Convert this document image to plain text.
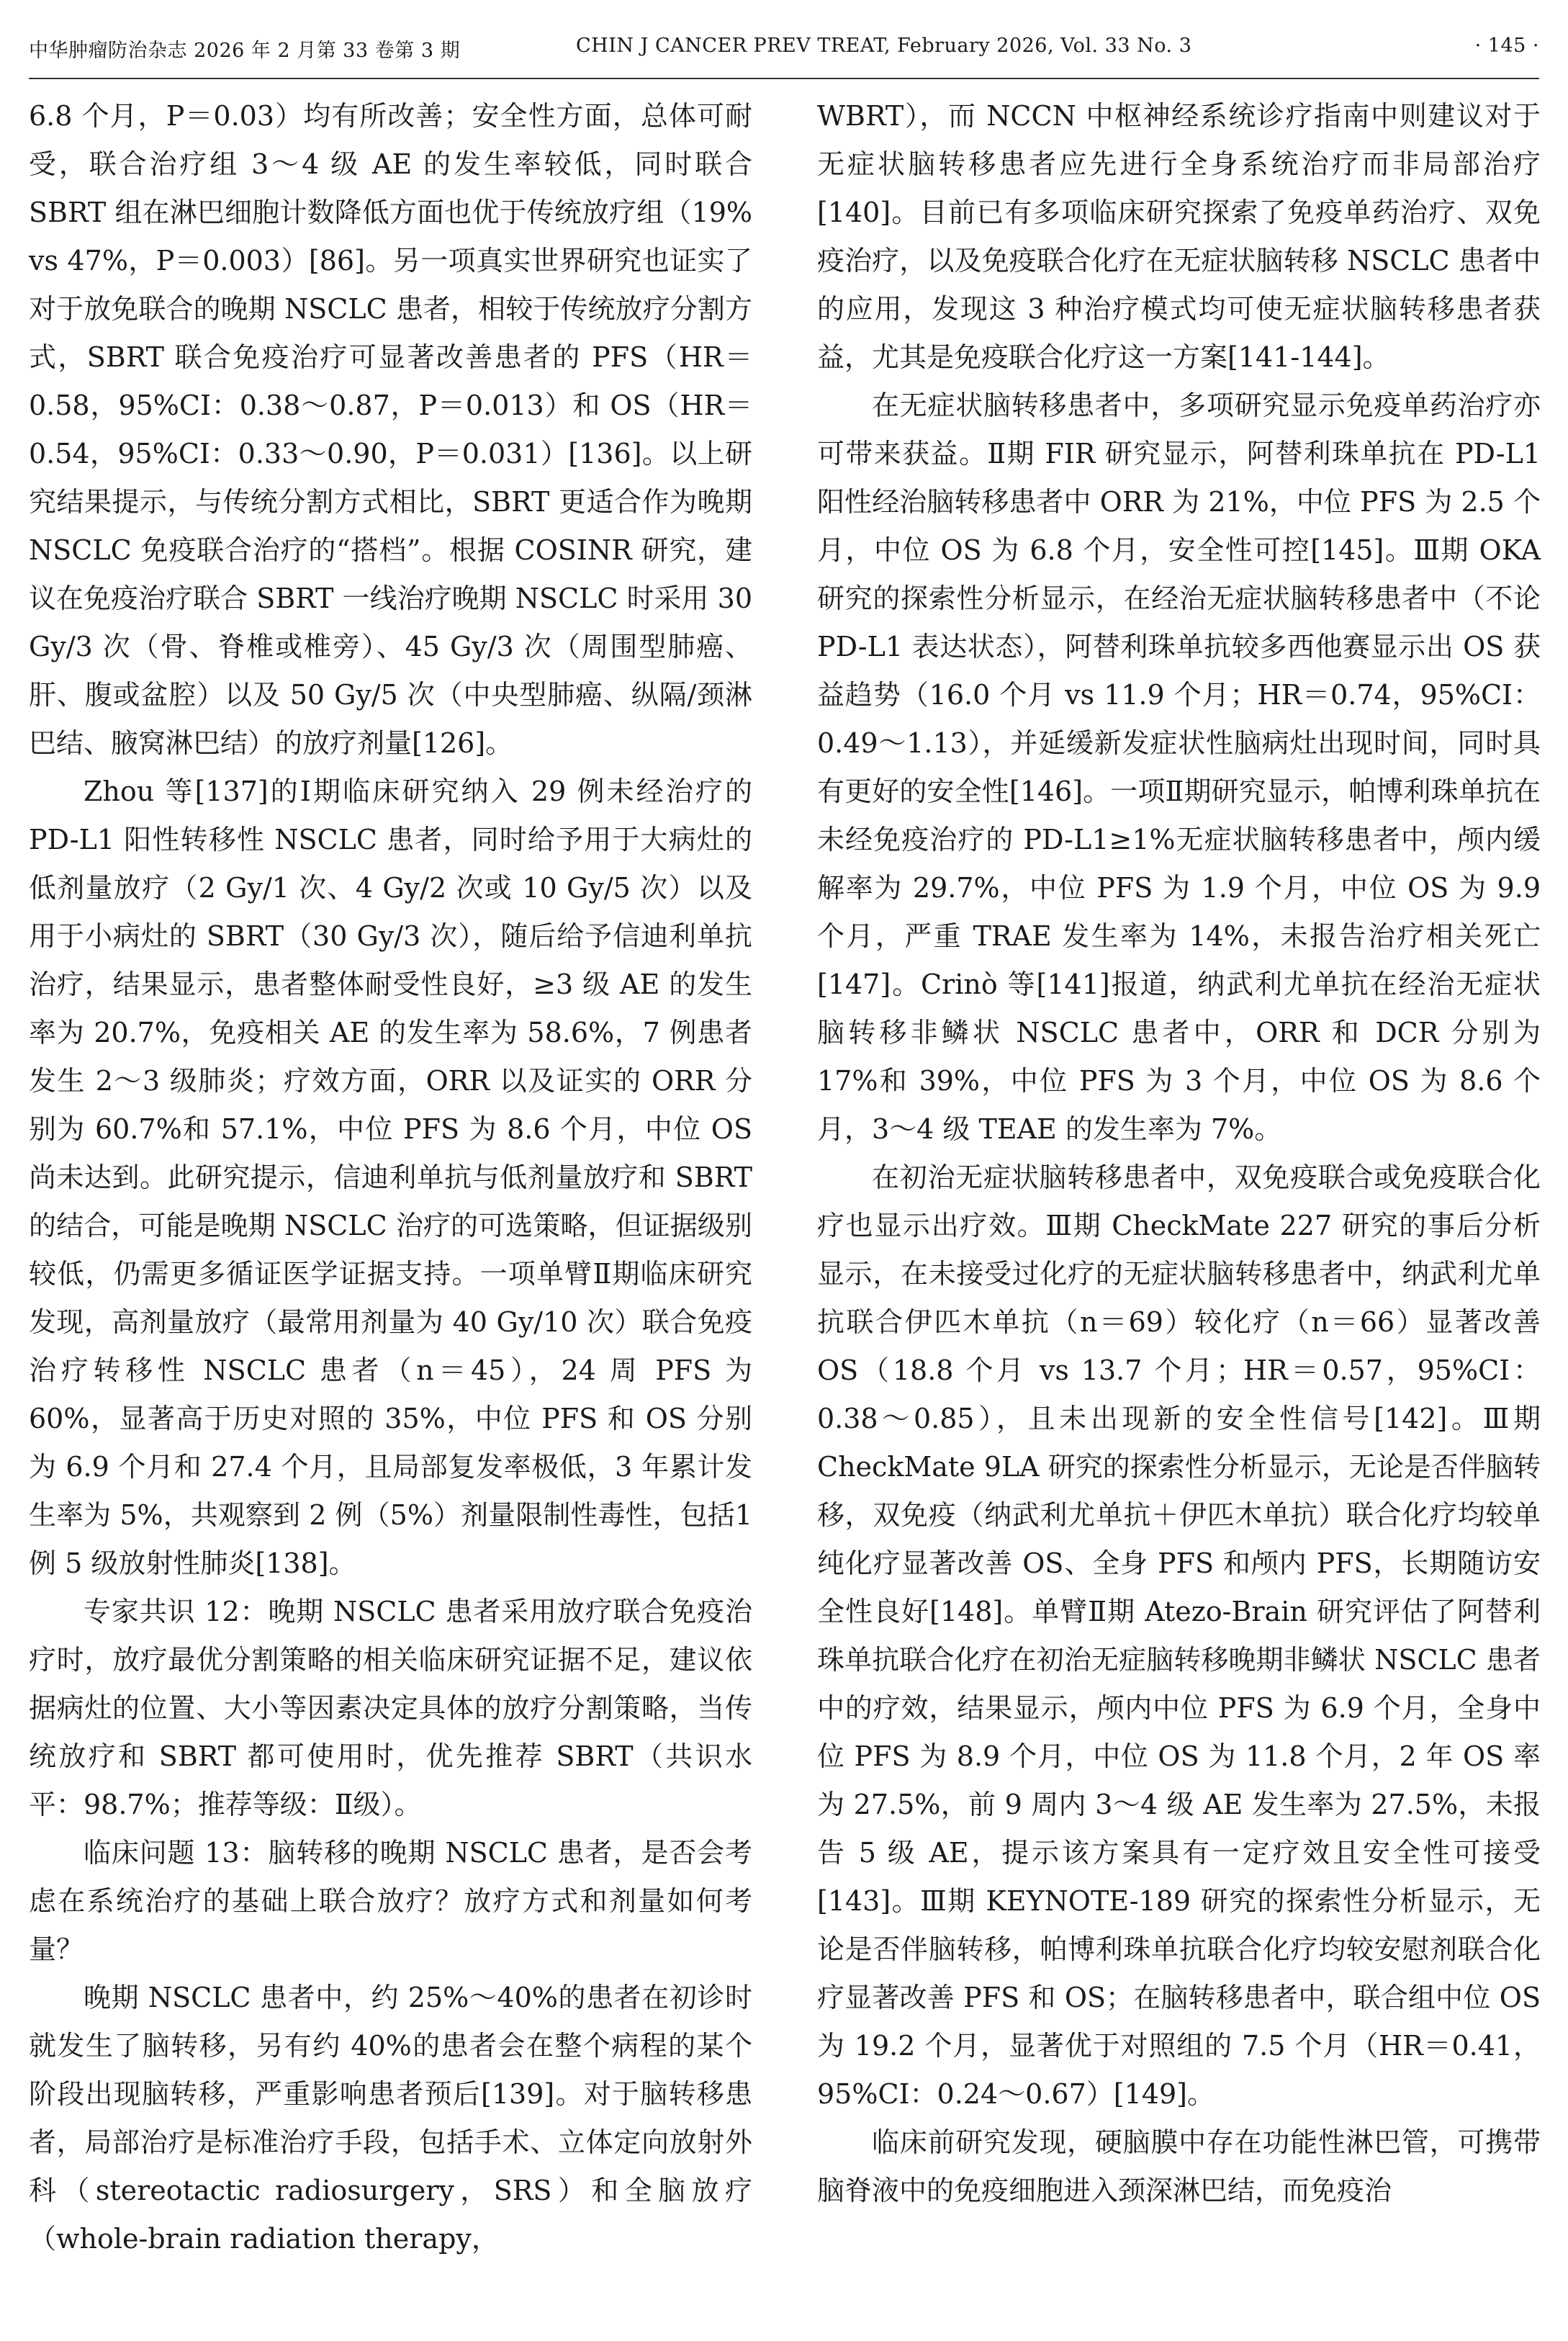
中华肿瘤防治杂志 2026 年 2 月第 33 卷第 3 期	CHIN J CANCER PREV TREAT, February 2026, Vol. 33 No. 3	· 145 ·

6.8 个月，P＝0.03）均有所改善；安全性方面，总体可耐受，联合治疗组 3～4 级 AE 的发生率较低，同时联合 SBRT 组在淋巴细胞计数降低方面也优于传统放疗组（19% vs 47%，P＝0.003）[86]。另一项真实世界研究也证实了对于放免联合的晚期 NSCLC 患者，相较于传统放疗分割方式，SBRT 联合免疫治疗可显著改善患者的 PFS（HR＝0.58，95%CI：0.38～0.87，P＝0.013）和 OS（HR＝0.54，95%CI：0.33～0.90，P＝0.031）[136]。以上研究结果提示，与传统分割方式相比，SBRT 更适合作为晚期 NSCLC 免疫联合治疗的“搭档”。根据 COSINR 研究，建议在免疫治疗联合 SBRT 一线治疗晚期 NSCLC 时采用 30 Gy/3 次（骨、脊椎或椎旁）、45 Gy/3 次（周围型肺癌、肝、腹或盆腔）以及 50 Gy/5 次（中央型肺癌、纵隔/颈淋巴结、腋窝淋巴结）的放疗剂量[126]。

Zhou 等[137]的Ⅰ期临床研究纳入 29 例未经治疗的 PD-L1 阳性转移性 NSCLC 患者，同时给予用于大病灶的低剂量放疗（2 Gy/1 次、4 Gy/2 次或 10 Gy/5 次）以及用于小病灶的 SBRT（30 Gy/3 次），随后给予信迪利单抗治疗，结果显示，患者整体耐受性良好，≥3 级 AE 的发生率为 20.7%，免疫相关 AE 的发生率为 58.6%，7 例患者发生 2～3 级肺炎；疗效方面，ORR 以及证实的 ORR 分别为 60.7%和 57.1%，中位 PFS 为 8.6 个月，中位 OS 尚未达到。此研究提示，信迪利单抗与低剂量放疗和 SBRT 的结合，可能是晚期 NSCLC 治疗的可选策略，但证据级别较低，仍需更多循证医学证据支持。一项单臂Ⅱ期临床研究发现，高剂量放疗（最常用剂量为 40 Gy/10 次）联合免疫治疗转移性 NSCLC 患者（n＝45），24 周 PFS 为 60%，显著高于历史对照的 35%，中位 PFS 和 OS 分别为 6.9 个月和 27.4 个月，且局部复发率极低，3 年累计发生率为 5%，共观察到 2 例（5%）剂量限制性毒性，包括1 例 5 级放射性肺炎[138]。

专家共识 12：晚期 NSCLC 患者采用放疗联合免疫治疗时，放疗最优分割策略的相关临床研究证据不足，建议依据病灶的位置、大小等因素决定具体的放疗分割策略，当传统放疗和 SBRT 都可使用时，优先推荐 SBRT（共识水平：98.7%；推荐等级：Ⅱ级）。

临床问题 13：脑转移的晚期 NSCLC 患者，是否会考虑在系统治疗的基础上联合放疗？放疗方式和剂量如何考量？

晚期 NSCLC 患者中，约 25%～40%的患者在初诊时就发生了脑转移，另有约 40%的患者会在整个病程的某个阶段出现脑转移，严重影响患者预后[139]。对于脑转移患者，局部治疗是标准治疗手段，包括手术、立体定向放射外科（stereotactic radiosurgery，SRS）和全脑放疗（whole-brain radiation therapy，

WBRT），而 NCCN 中枢神经系统诊疗指南中则建议对于无症状脑转移患者应先进行全身系统治疗而非局部治疗[140]。目前已有多项临床研究探索了免疫单药治疗、双免疫治疗，以及免疫联合化疗在无症状脑转移 NSCLC 患者中的应用，发现这 3 种治疗模式均可使无症状脑转移患者获益，尤其是免疫联合化疗这一方案[141-144]。

在无症状脑转移患者中，多项研究显示免疫单药治疗亦可带来获益。Ⅱ期 FIR 研究显示，阿替利珠单抗在 PD-L1 阳性经治脑转移患者中 ORR 为 21%，中位 PFS 为 2.5 个月，中位 OS 为 6.8 个月，安全性可控[145]。Ⅲ期 OKA 研究的探索性分析显示，在经治无症状脑转移患者中（不论 PD-L1 表达状态），阿替利珠单抗较多西他赛显示出 OS 获益趋势（16.0 个月 vs 11.9 个月；HR＝0.74，95%CI：0.49～1.13），并延缓新发症状性脑病灶出现时间，同时具有更好的安全性[146]。一项Ⅱ期研究显示，帕博利珠单抗在未经免疫治疗的 PD-L1≥1%无症状脑转移患者中，颅内缓解率为 29.7%，中位 PFS 为 1.9 个月，中位 OS 为 9.9 个月，严重 TRAE 发生率为 14%，未报告治疗相关死亡[147]。Crinò 等[141]报道，纳武利尤单抗在经治无症状脑转移非鳞状 NSCLC 患者中，ORR 和 DCR 分别为 17%和 39%，中位 PFS 为 3 个月，中位 OS 为 8.6 个月，3～4 级 TEAE 的发生率为 7%。

在初治无症状脑转移患者中，双免疫联合或免疫联合化疗也显示出疗效。Ⅲ期 CheckMate 227 研究的事后分析显示，在未接受过化疗的无症状脑转移患者中，纳武利尤单抗联合伊匹木单抗（n＝69）较化疗（n＝66）显著改善 OS（18.8 个月 vs 13.7 个月；HR＝0.57，95%CI：0.38～0.85），且未出现新的安全性信号[142]。Ⅲ期 CheckMate 9LA 研究的探索性分析显示，无论是否伴脑转移，双免疫（纳武利尤单抗＋伊匹木单抗）联合化疗均较单纯化疗显著改善 OS、全身 PFS 和颅内 PFS，长期随访安全性良好[148]。单臂Ⅱ期 Atezo-Brain 研究评估了阿替利珠单抗联合化疗在初治无症脑转移晚期非鳞状 NSCLC 患者中的疗效，结果显示，颅内中位 PFS 为 6.9 个月，全身中位 PFS 为 8.9 个月，中位 OS 为 11.8 个月，2 年 OS 率为 27.5%，前 9 周内 3～4 级 AE 发生率为 27.5%，未报告 5 级 AE，提示该方案具有一定疗效且安全性可接受[143]。Ⅲ期 KEYNOTE-189 研究的探索性分析显示，无论是否伴脑转移，帕博利珠单抗联合化疗均较安慰剂联合化疗显著改善 PFS 和 OS；在脑转移患者中，联合组中位 OS 为 19.2 个月，显著优于对照组的 7.5 个月（HR＝0.41，95%CI：0.24～0.67）[149]。

临床前研究发现，硬脑膜中存在功能性淋巴管，可携带脑脊液中的免疫细胞进入颈深淋巴结，而免疫治
